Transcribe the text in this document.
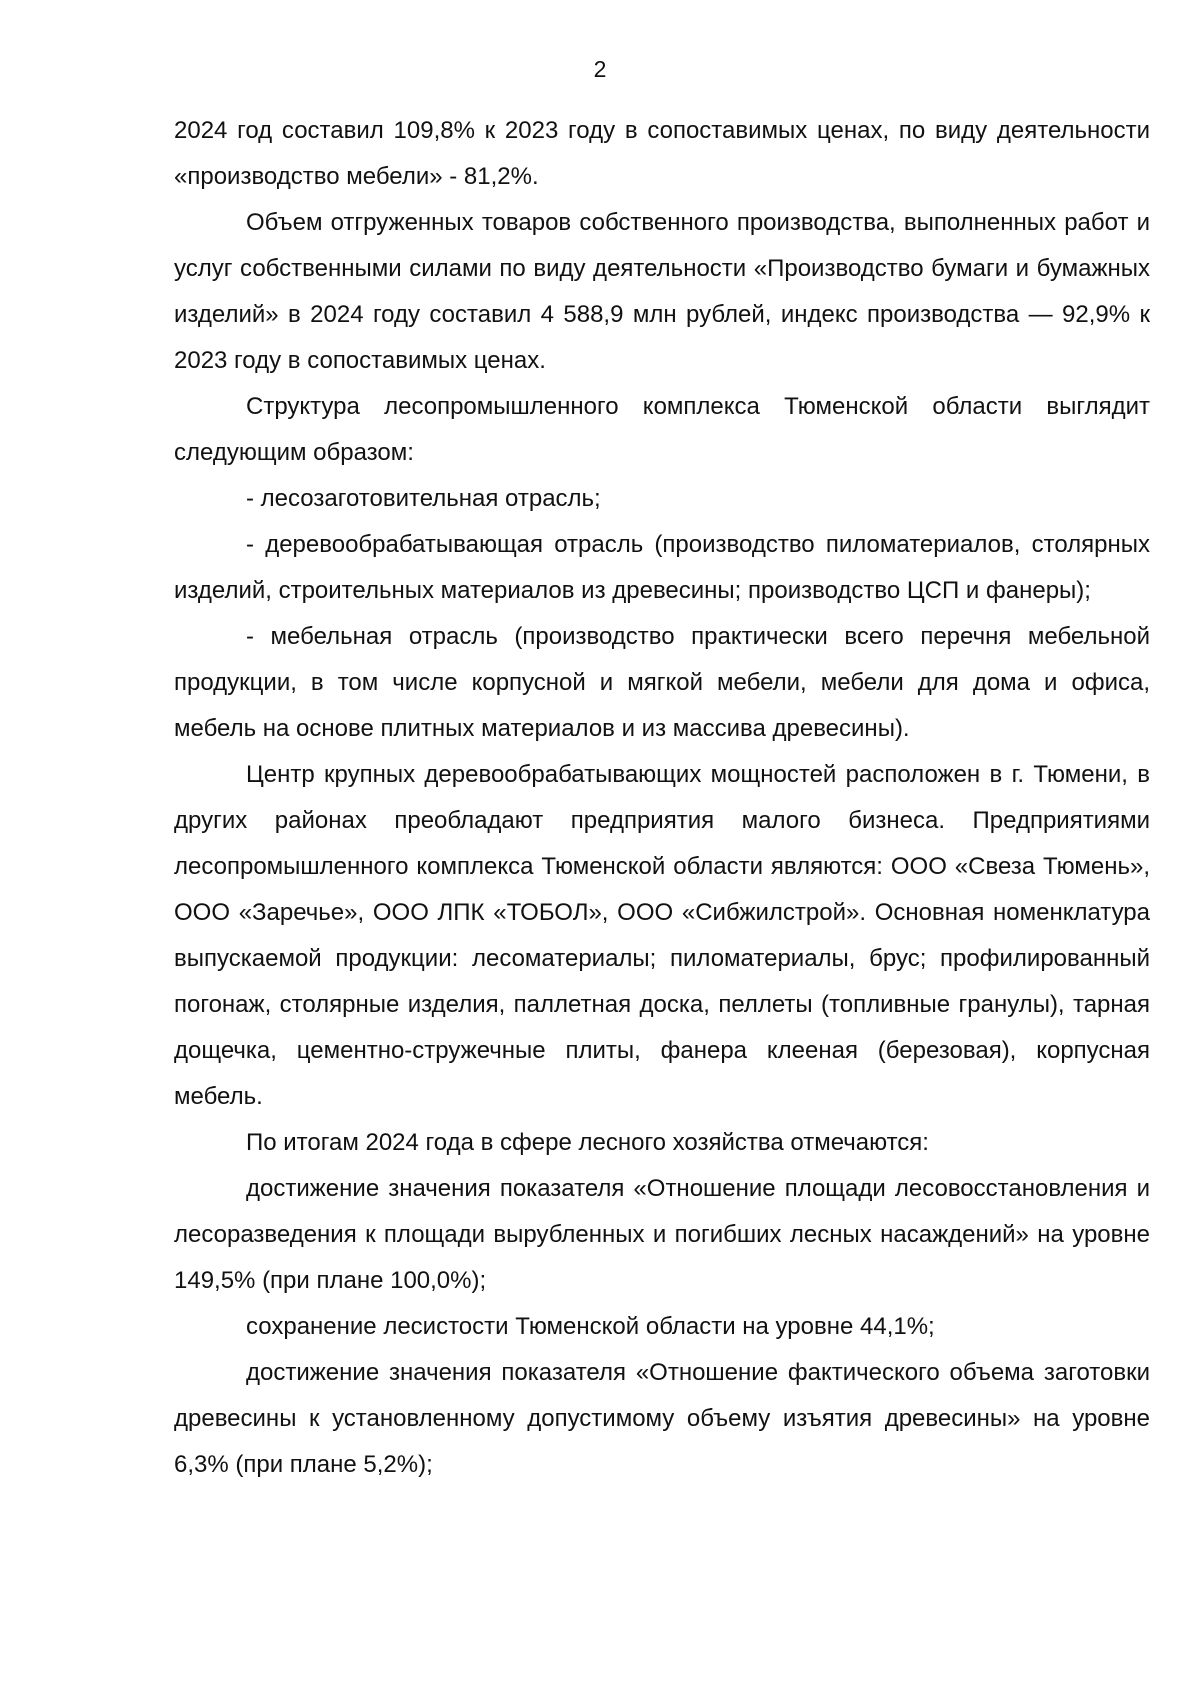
2

2024 год составил 109,8% к 2023 году в сопоставимых ценах, по виду деятельности «производство мебели» - 81,2%.

Объем отгруженных товаров собственного производства, выполненных работ и услуг собственными силами по виду деятельности «Производство бумаги и бумажных изделий» в 2024 году составил 4 588,9 млн рублей, индекс производства — 92,9% к 2023 году в сопоставимых ценах.

Структура лесопромышленного комплекса Тюменской области выглядит следующим образом:

- лесозаготовительная отрасль;

- деревообрабатывающая отрасль (производство пиломатериалов, столярных изделий, строительных материалов из древесины; производство ЦСП и фанеры);

- мебельная отрасль (производство практически всего перечня мебельной продукции, в том числе корпусной и мягкой мебели, мебели для дома и офиса, мебель на основе плитных материалов и из массива древесины).

Центр крупных деревообрабатывающих мощностей расположен в г. Тюмени, в других районах преобладают предприятия малого бизнеса. Предприятиями лесопромышленного комплекса Тюменской области являются: ООО «Свеза Тюмень», ООО «Заречье», ООО ЛПК «ТОБОЛ», ООО «Сибжилстрой». Основная номенклатура выпускаемой продукции: лесоматериалы; пиломатериалы, брус; профилированный погонаж, столярные изделия, паллетная доска, пеллеты (топливные гранулы), тарная дощечка, цементно-стружечные плиты, фанера клееная (березовая), корпусная мебель.

По итогам 2024 года в сфере лесного хозяйства отмечаются:

достижение значения показателя «Отношение площади лесовосстановления и лесоразведения к площади вырубленных и погибших лесных насаждений» на уровне 149,5% (при плане 100,0%);

сохранение лесистости Тюменской области на уровне 44,1%;

достижение значения показателя «Отношение фактического объема заготовки древесины к установленному допустимому объему изъятия древесины» на уровне 6,3% (при плане 5,2%);
